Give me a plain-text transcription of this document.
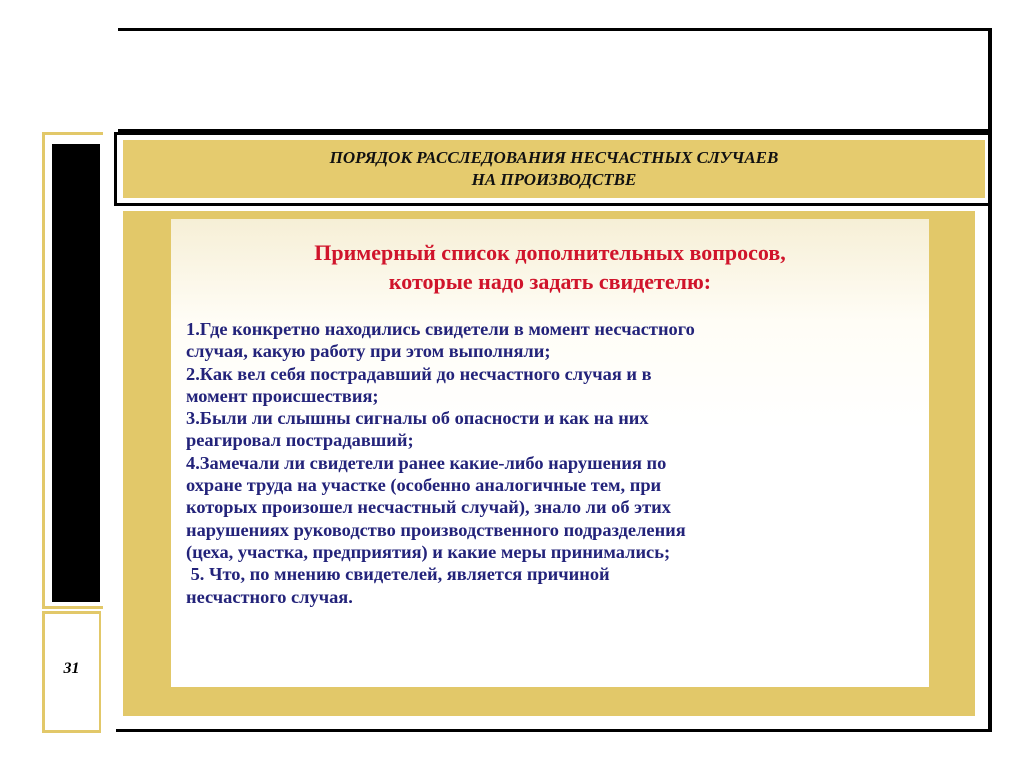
31
ПОРЯДОК РАССЛЕДОВАНИЯ НЕСЧАСТНЫХ СЛУЧАЕВ
НА ПРОИЗВОДСТВЕ
Примерный список дополнительных вопросов,
которые надо задать свидетелю:
1.Где конкретно находились свидетели в момент несчастного
случая, какую работу при этом выполняли;
2.Как вел себя пострадавший до несчастного случая и в
момент происшествия;
3.Были ли слышны сигналы об опасности и как на них
реагировал пострадавший;
4.Замечали ли свидетели ранее какие-либо нарушения по
охране труда на участке (особенно аналогичные тем, при
которых произошел несчастный случай), знало ли об этих
нарушениях руководство производственного подразделения
(цеха, участка, предприятия) и какие меры принимались;
5. Что, по мнению свидетелей, является причиной
несчастного случая.
